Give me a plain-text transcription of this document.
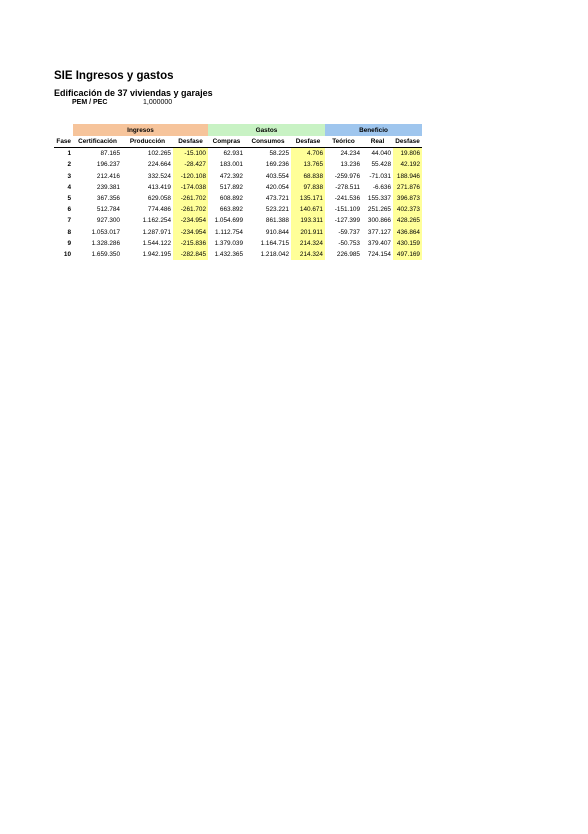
SIE Ingresos y gastos
Edificación de 37 viviendas y garajes
PEM / PEC	1,000000
	Ingresos			Gastos			Beneficio		
Fase	Certificación	Producción	Desfase	Compras	Consumos	Desfase	Teórico	Real	Desfase
1	87.165	102.265	-15.100	62.931	58.225	4.706	24.234	44.040	19.806
2	196.237	224.664	-28.427	183.001	169.236	13.765	13.236	55.428	42.192
3	212.416	332.524	-120.108	472.392	403.554	68.838	-259.976	-71.031	188.946
4	239.381	413.419	-174.038	517.892	420.054	97.838	-278.511	-6.636	271.876
5	367.356	629.058	-261.702	608.892	473.721	135.171	-241.536	155.337	396.873
6	512.784	774.486	-261.702	663.892	523.221	140.671	-151.109	251.265	402.373
7	927.300	1.162.254	-234.954	1.054.699	861.388	193.311	-127.399	300.866	428.265
8	1.053.017	1.287.971	-234.954	1.112.754	910.844	201.911	-59.737	377.127	436.864
9	1.328.286	1.544.122	-215.836	1.379.039	1.164.715	214.324	-50.753	379.407	430.159
10	1.659.350	1.942.195	-282.845	1.432.365	1.218.042	214.324	226.985	724.154	497.169
